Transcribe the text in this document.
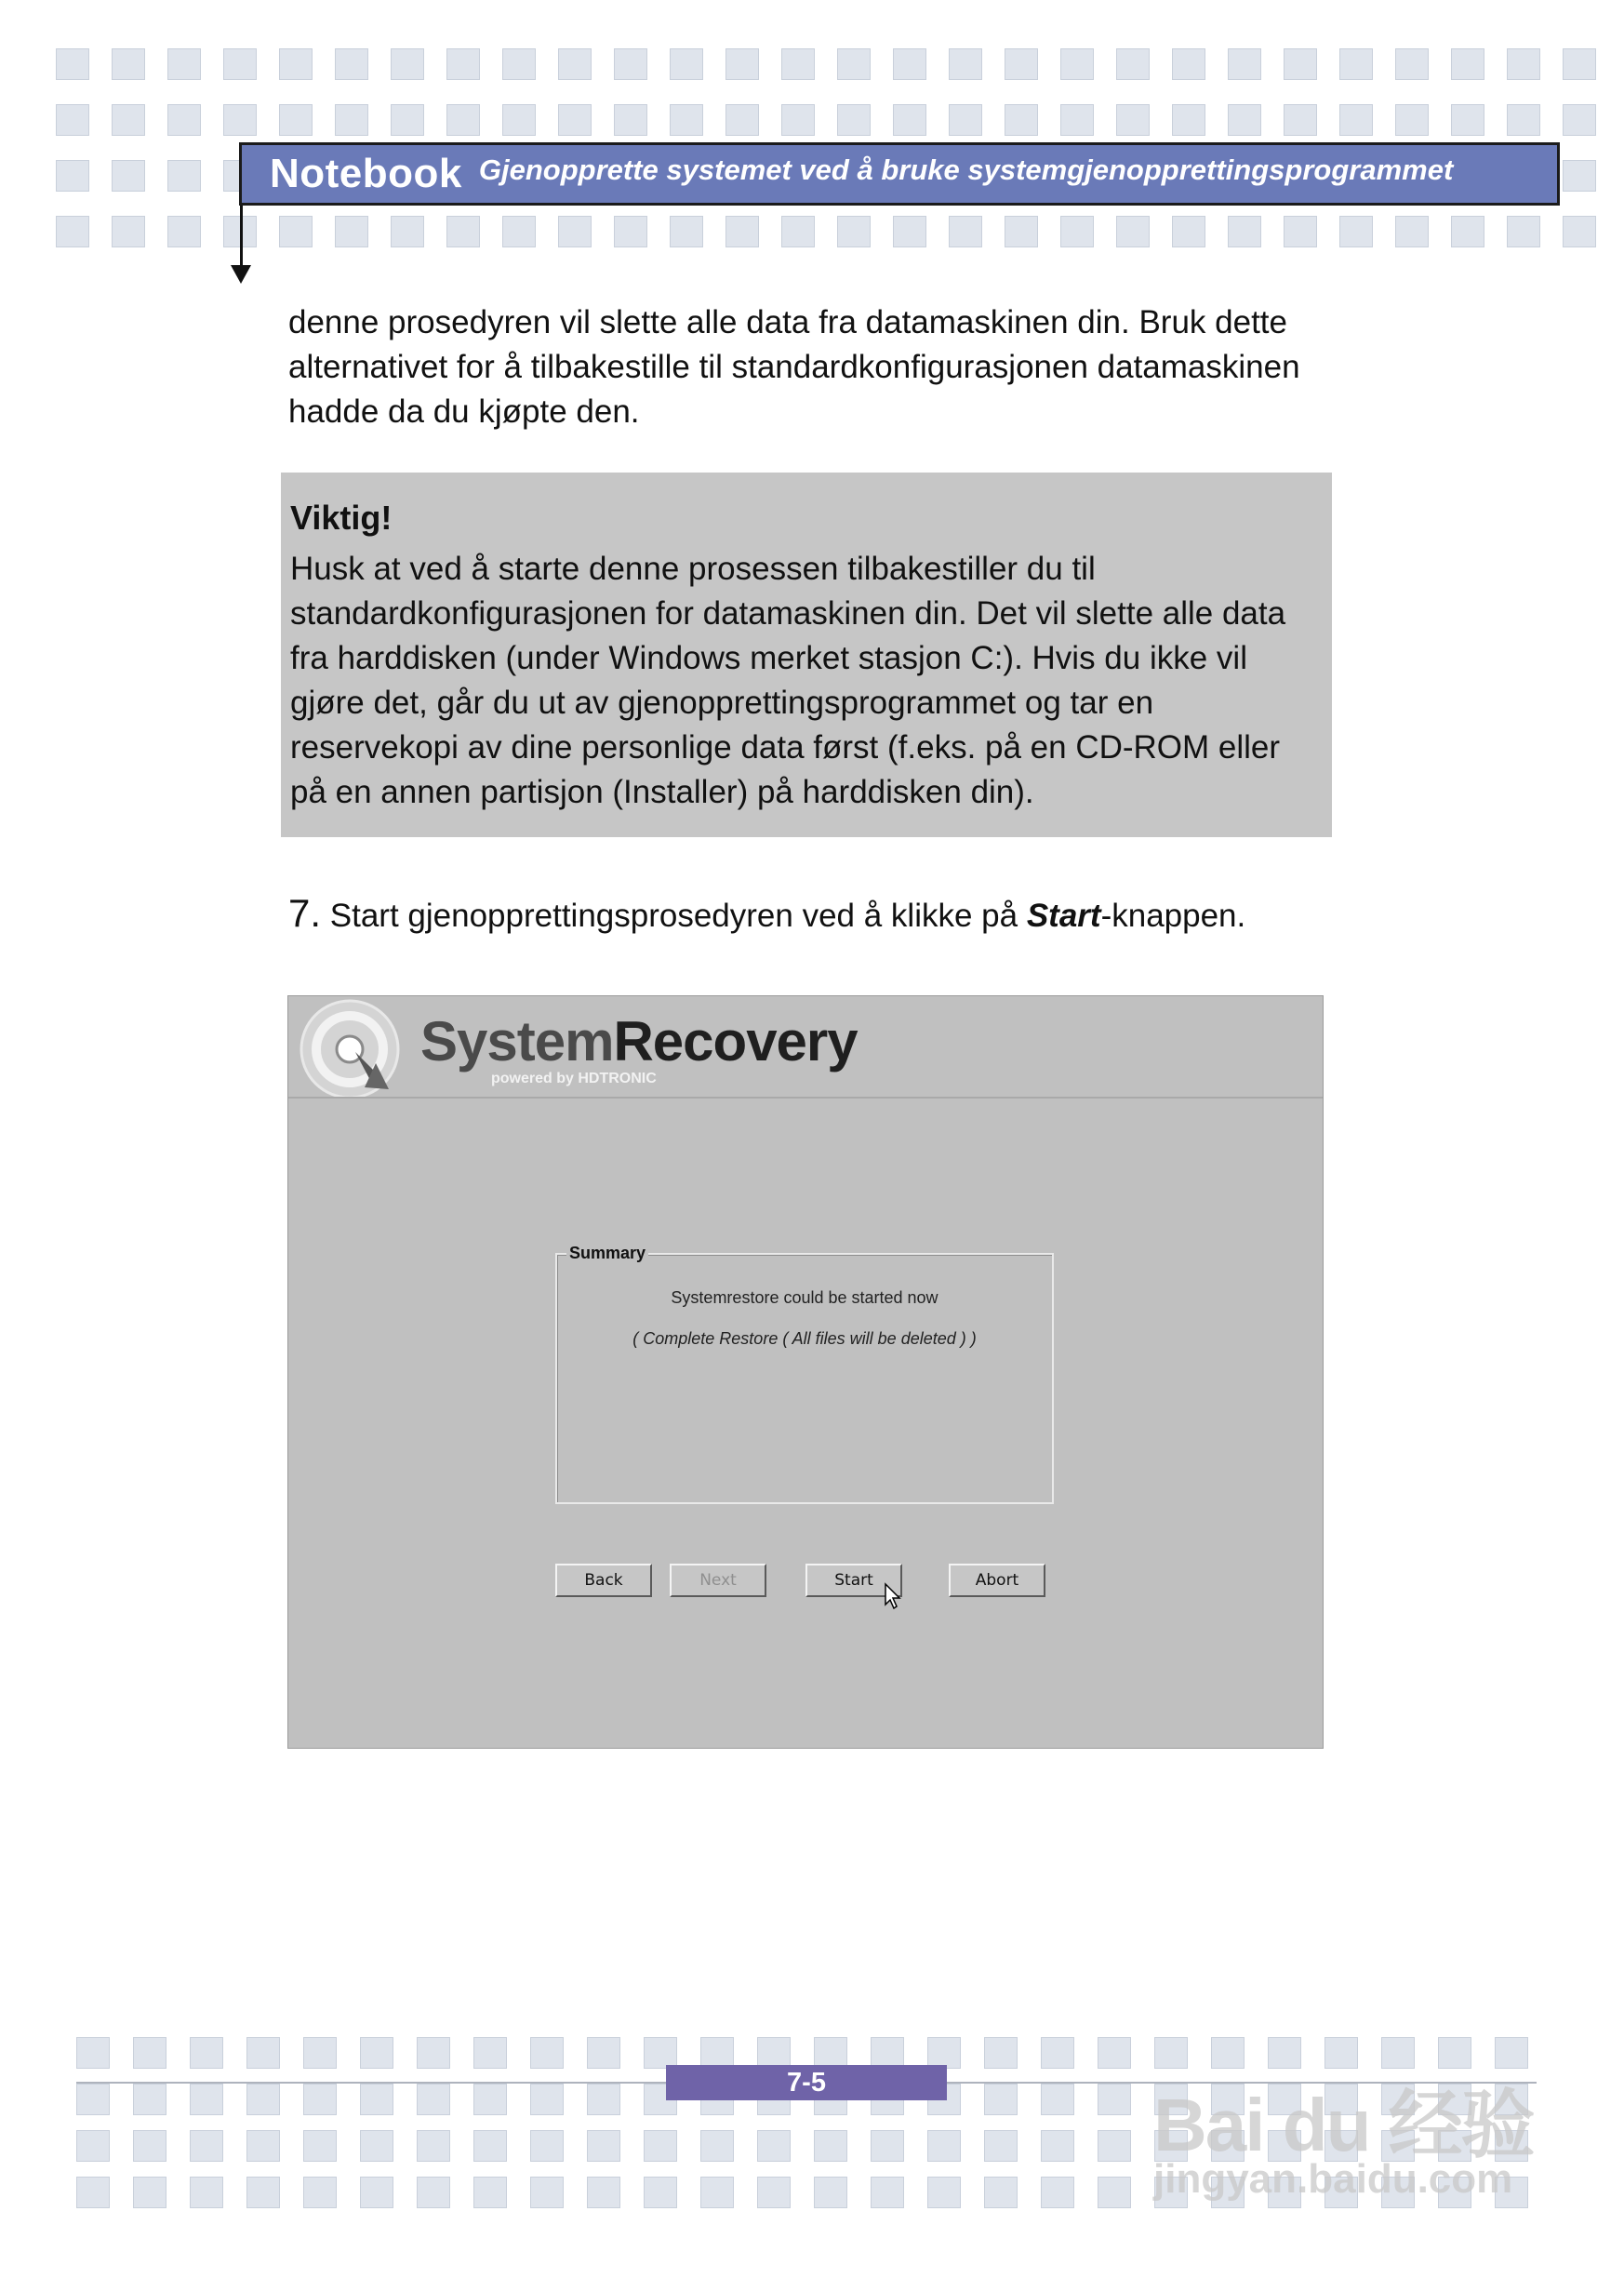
Notebook Gjenopprette systemet ved å bruke systemgjenopprettingsprogrammet
denne prosedyren vil slette alle data fra datamaskinen din. Bruk dette
alternativet for å tilbakestille til standardkonfigurasjonen datamaskinen
hadde da du kjøpte den.
Viktig!
Husk at ved å starte denne prosessen tilbakestiller du til
standardkonfigurasjonen for datamaskinen din. Det vil slette alle data
fra harddisken (under Windows merket stasjon C:). Hvis du ikke vil
gjøre det, går du ut av gjenopprettingsprogrammet og tar en
reservekopi av dine personlige data først (f.eks. på en CD-ROM eller
på en annen partisjon (Installer) på harddisken din).
7. Start gjenopprettingsprosedyren ved å klikke på Start-knappen.
SystemRecovery
powered by HDTRONIC
Summary
Systemrestore could be started now
( Complete Restore ( All files will be deleted ) )
Back	Next	Start	Abort
7-5
Bai du 经验
jingyan.baidu.com
